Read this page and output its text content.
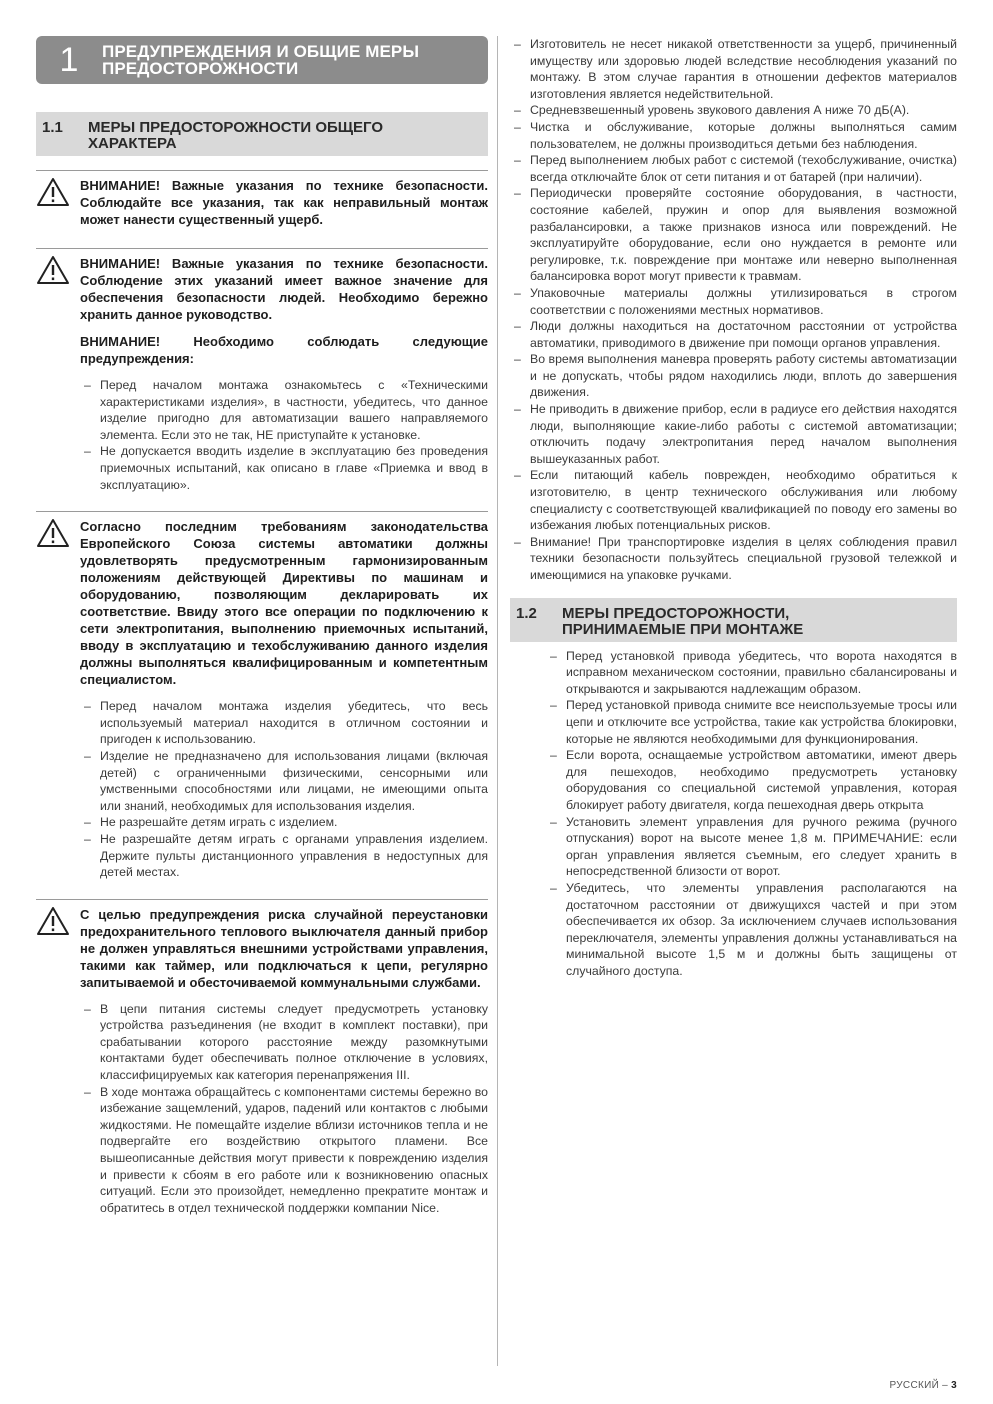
1	ПРЕДУПРЕЖДЕНИЯ И ОБЩИЕ МЕРЫ
ПРЕДОСТОРОЖНОСТИ
1.1	МЕРЫ ПРЕДОСТОРОЖНОСТИ ОБЩЕГО
ХАРАКТЕРА

ВНИМАНИЕ! Важные указания по технике безопасности. Соблюдайте все указания, так как неправильный монтаж может нанести существенный ущерб.

ВНИМАНИЕ! Важные указания по технике безопасности. Соблюдение этих указаний имеет важное значение для обеспечения безопасности людей. Необходимо бережно хранить данное руководство.

ВНИМАНИЕ! Необходимо соблюдать следующие предупреждения:

– Перед началом монтажа ознакомьтесь с «Техническими характеристиками изделия», в частности, убедитесь, что данное изделие пригодно для автоматизации вашего направляемого элемента. Если это не так, НЕ приступайте к установке.
– Не допускается вводить изделие в эксплуатацию без проведения приемочных испытаний, как описано в главе «Приемка и ввод в эксплуатацию».

Согласно последним требованиям законодательства Европейского Союза системы автоматики должны удовлетворять предусмотренным гармонизированным положениям действующей Директивы по машинам и оборудованию, позволяющим декларировать их соответствие. Ввиду этого все операции по подключению к сети электропитания, выполнению приемочных испытаний, вводу в эксплуатацию и техобслуживанию данного изделия должны выполняться квалифицированным и компетентным специалистом.

– Перед началом монтажа изделия убедитесь, что весь используемый материал находится в отличном состоянии и пригоден к использованию.
– Изделие не предназначено для использования лицами (включая детей) с ограниченными физическими, сенсорными или умственными способностями или лицами, не имеющими опыта или знаний, необходимых для использования изделия.
– Не разрешайте детям играть с изделием.
– Не разрешайте детям играть с органами управления изделием. Держите пульты дистанционного управления в недоступных для детей местах.

С целью предупреждения риска случайной переустановки предохранительного теплового выключателя данный прибор не должен управляться внешними устройствами управления, такими как таймер, или подключаться к цепи, регулярно запитываемой и обесточиваемой коммунальными службами.

– В цепи питания системы следует предусмотреть установку устройства разъединения (не входит в комплект поставки), при срабатывании которого расстояние между разомкнутыми контактами будет обеспечивать полное отключение в условиях, классифицируемых как категория перенапряжения III.
– В ходе монтажа обращайтесь с компонентами системы бережно во избежание защемлений, ударов, падений или контактов с любыми жидкостями. Не помещайте изделие вблизи источников тепла и не подвергайте его воздействию открытого пламени. Все вышеописанные действия могут привести к повреждению изделия и привести к сбоям в его работе или к возникновению опасных ситуаций. Если это произойдет, немедленно прекратите монтаж и обратитесь в отдел технической поддержки компании Nice.
– Изготовитель не несет никакой ответственности за ущерб, причиненный имуществу или здоровью людей вследствие несоблюдения указаний по монтажу. В этом случае гарантия в отношении дефектов материалов изготовления является недействительной.
– Средневзвешенный уровень звукового давления А ниже 70 дБ(А).
– Чистка и обслуживание, которые должны выполняться самим пользователем, не должны производиться детьми без наблюдения.
– Перед выполнением любых работ с системой (техобслуживание, очистка) всегда отключайте блок от сети питания и от батарей (при наличии).
– Периодически проверяйте состояние оборудования, в частности, состояние кабелей, пружин и опор для выявления возможной разбалансировки, а также признаков износа или повреждений. Не эксплуатируйте оборудование, если оно нуждается в ремонте или регулировке, т.к. повреждение при монтаже или неверно выполненная балансировка ворот могут привести к травмам.
– Упаковочные материалы должны утилизироваться в строгом соответствии с положениями местных нормативов.
– Люди должны находиться на достаточном расстоянии от устройства автоматики, приводимого в движение при помощи органов управления.
– Во время выполнения маневра проверять работу системы автоматизации и не допускать, чтобы рядом находились люди, вплоть до завершения движения.
– Не приводить в движение прибор, если в радиусе его действия находятся люди, выполняющие какие-либо работы с системой автоматизации; отключить подачу электропитания перед началом выполнения вышеуказанных работ.
– Если питающий кабель поврежден, необходимо обратиться к изготовителю, в центр технического обслуживания или любому специалисту с соответствующей квалификацией по поводу его замены во избежания любых потенциальных рисков.
– Внимание! При транспортировке изделия в целях соблюдения правил техники безопасности пользуйтесь специальной грузовой тележкой и имеющимися на упаковке ручками.
1.2	МЕРЫ ПРЕДОСТОРОЖНОСТИ,
ПРИНИМАЕМЫЕ ПРИ МОНТАЖЕ
– Перед установкой привода убедитесь, что ворота находятся в исправном механическом состоянии, правильно сбалансированы и открываются и закрываются надлежащим образом.
– Перед установкой привода снимите все неиспользуемые тросы или цепи и отключите все устройства, такие как устройства блокировки, которые не являются необходимыми для функционирования.
– Если ворота, оснащаемые устройством автоматики, имеют дверь для пешеходов, необходимо предусмотреть установку оборудования со специальной системой управления, которая блокирует работу двигателя, когда пешеходная дверь открыта
– Установить элемент управления для ручного режима (ручного отпускания) ворот на высоте менее 1,8 м. ПРИМЕЧАНИЕ: если орган управления является съемным, его следует хранить в непосредственной близости от ворот.
– Убедитесь, что элементы управления располагаются на достаточном расстоянии от движущихся частей и при этом обеспечивается их обзор. За исключением случаев использования переключателя, элементы управления должны устанавливаться на минимальной высоте 1,5 м и должны быть защищены от случайного доступа.
РУССКИЙ – 3
